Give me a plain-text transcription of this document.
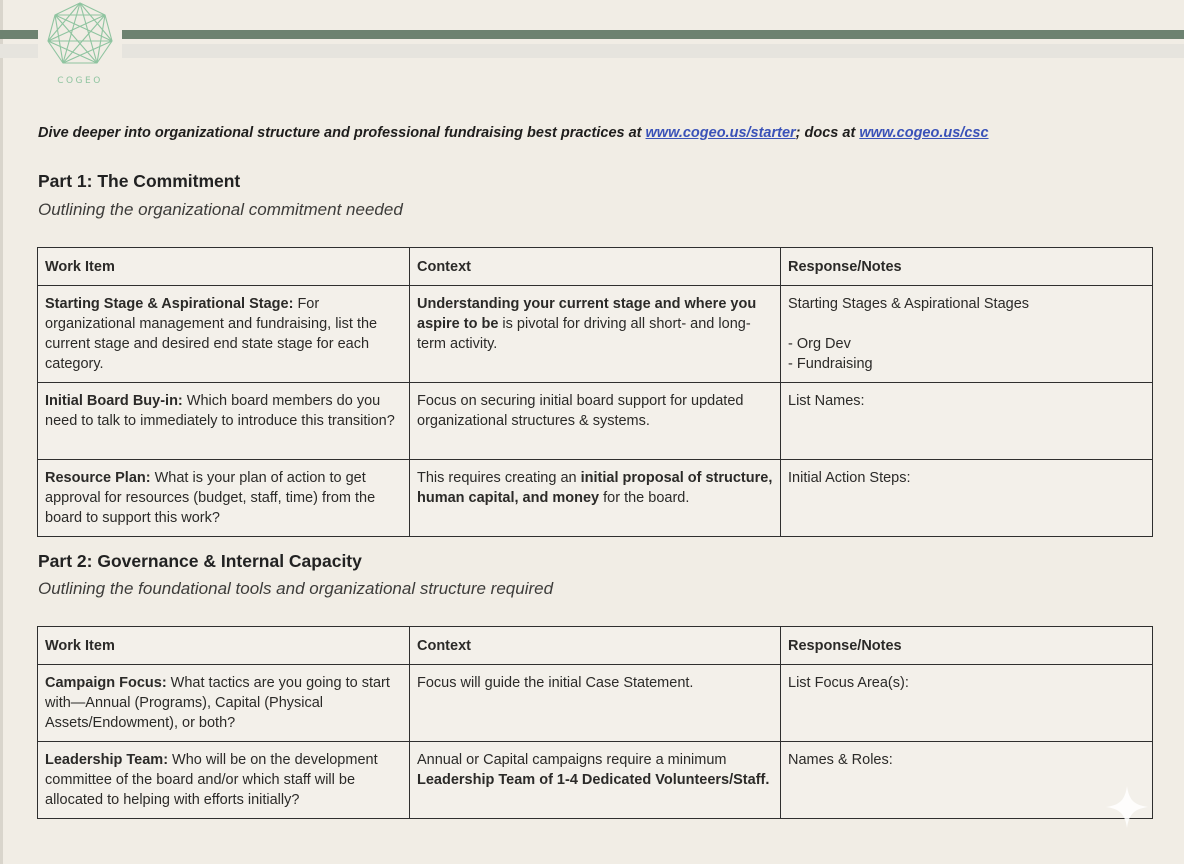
COGEO
Dive deeper into organizational structure and professional fundraising best practices at www.cogeo.us/starter; docs at www.cogeo.us/csc
Part 1: The Commitment
Outlining the organizational commitment needed
Work Item	Context	Response/Notes
Starting Stage & Aspirational Stage: For organizational management and fundraising, list the current stage and desired end state stage for each category.	Understanding your current stage and where you aspire to be is pivotal for driving all short- and long-term activity.	Starting Stages & Aspirational Stages
- Org Dev
- Fundraising

Initial Board Buy-in: Which board members do you need to talk to immediately to introduce this transition?	Focus on securing initial board support for updated organizational structures & systems.	List Names:
Resource Plan: What is your plan of action to get approval for resources (budget, staff, time) from the board to support this work?	This requires creating an initial proposal of structure, human capital, and money for the board.	Initial Action Steps:
Part 2: Governance & Internal Capacity
Outlining the foundational tools and organizational structure required
Work Item	Context	Response/Notes
Campaign Focus: What tactics are you going to start with—Annual (Programs), Capital (Physical Assets/Endowment), or both?	Focus will guide the initial Case Statement.	List Focus Area(s):
Leadership Team: Who will be on the development committee of the board and/or which staff will be allocated to helping with efforts initially?	Annual or Capital campaigns require a minimum Leadership Team of 1-4 Dedicated Volunteers/Staff.	Names & Roles:
